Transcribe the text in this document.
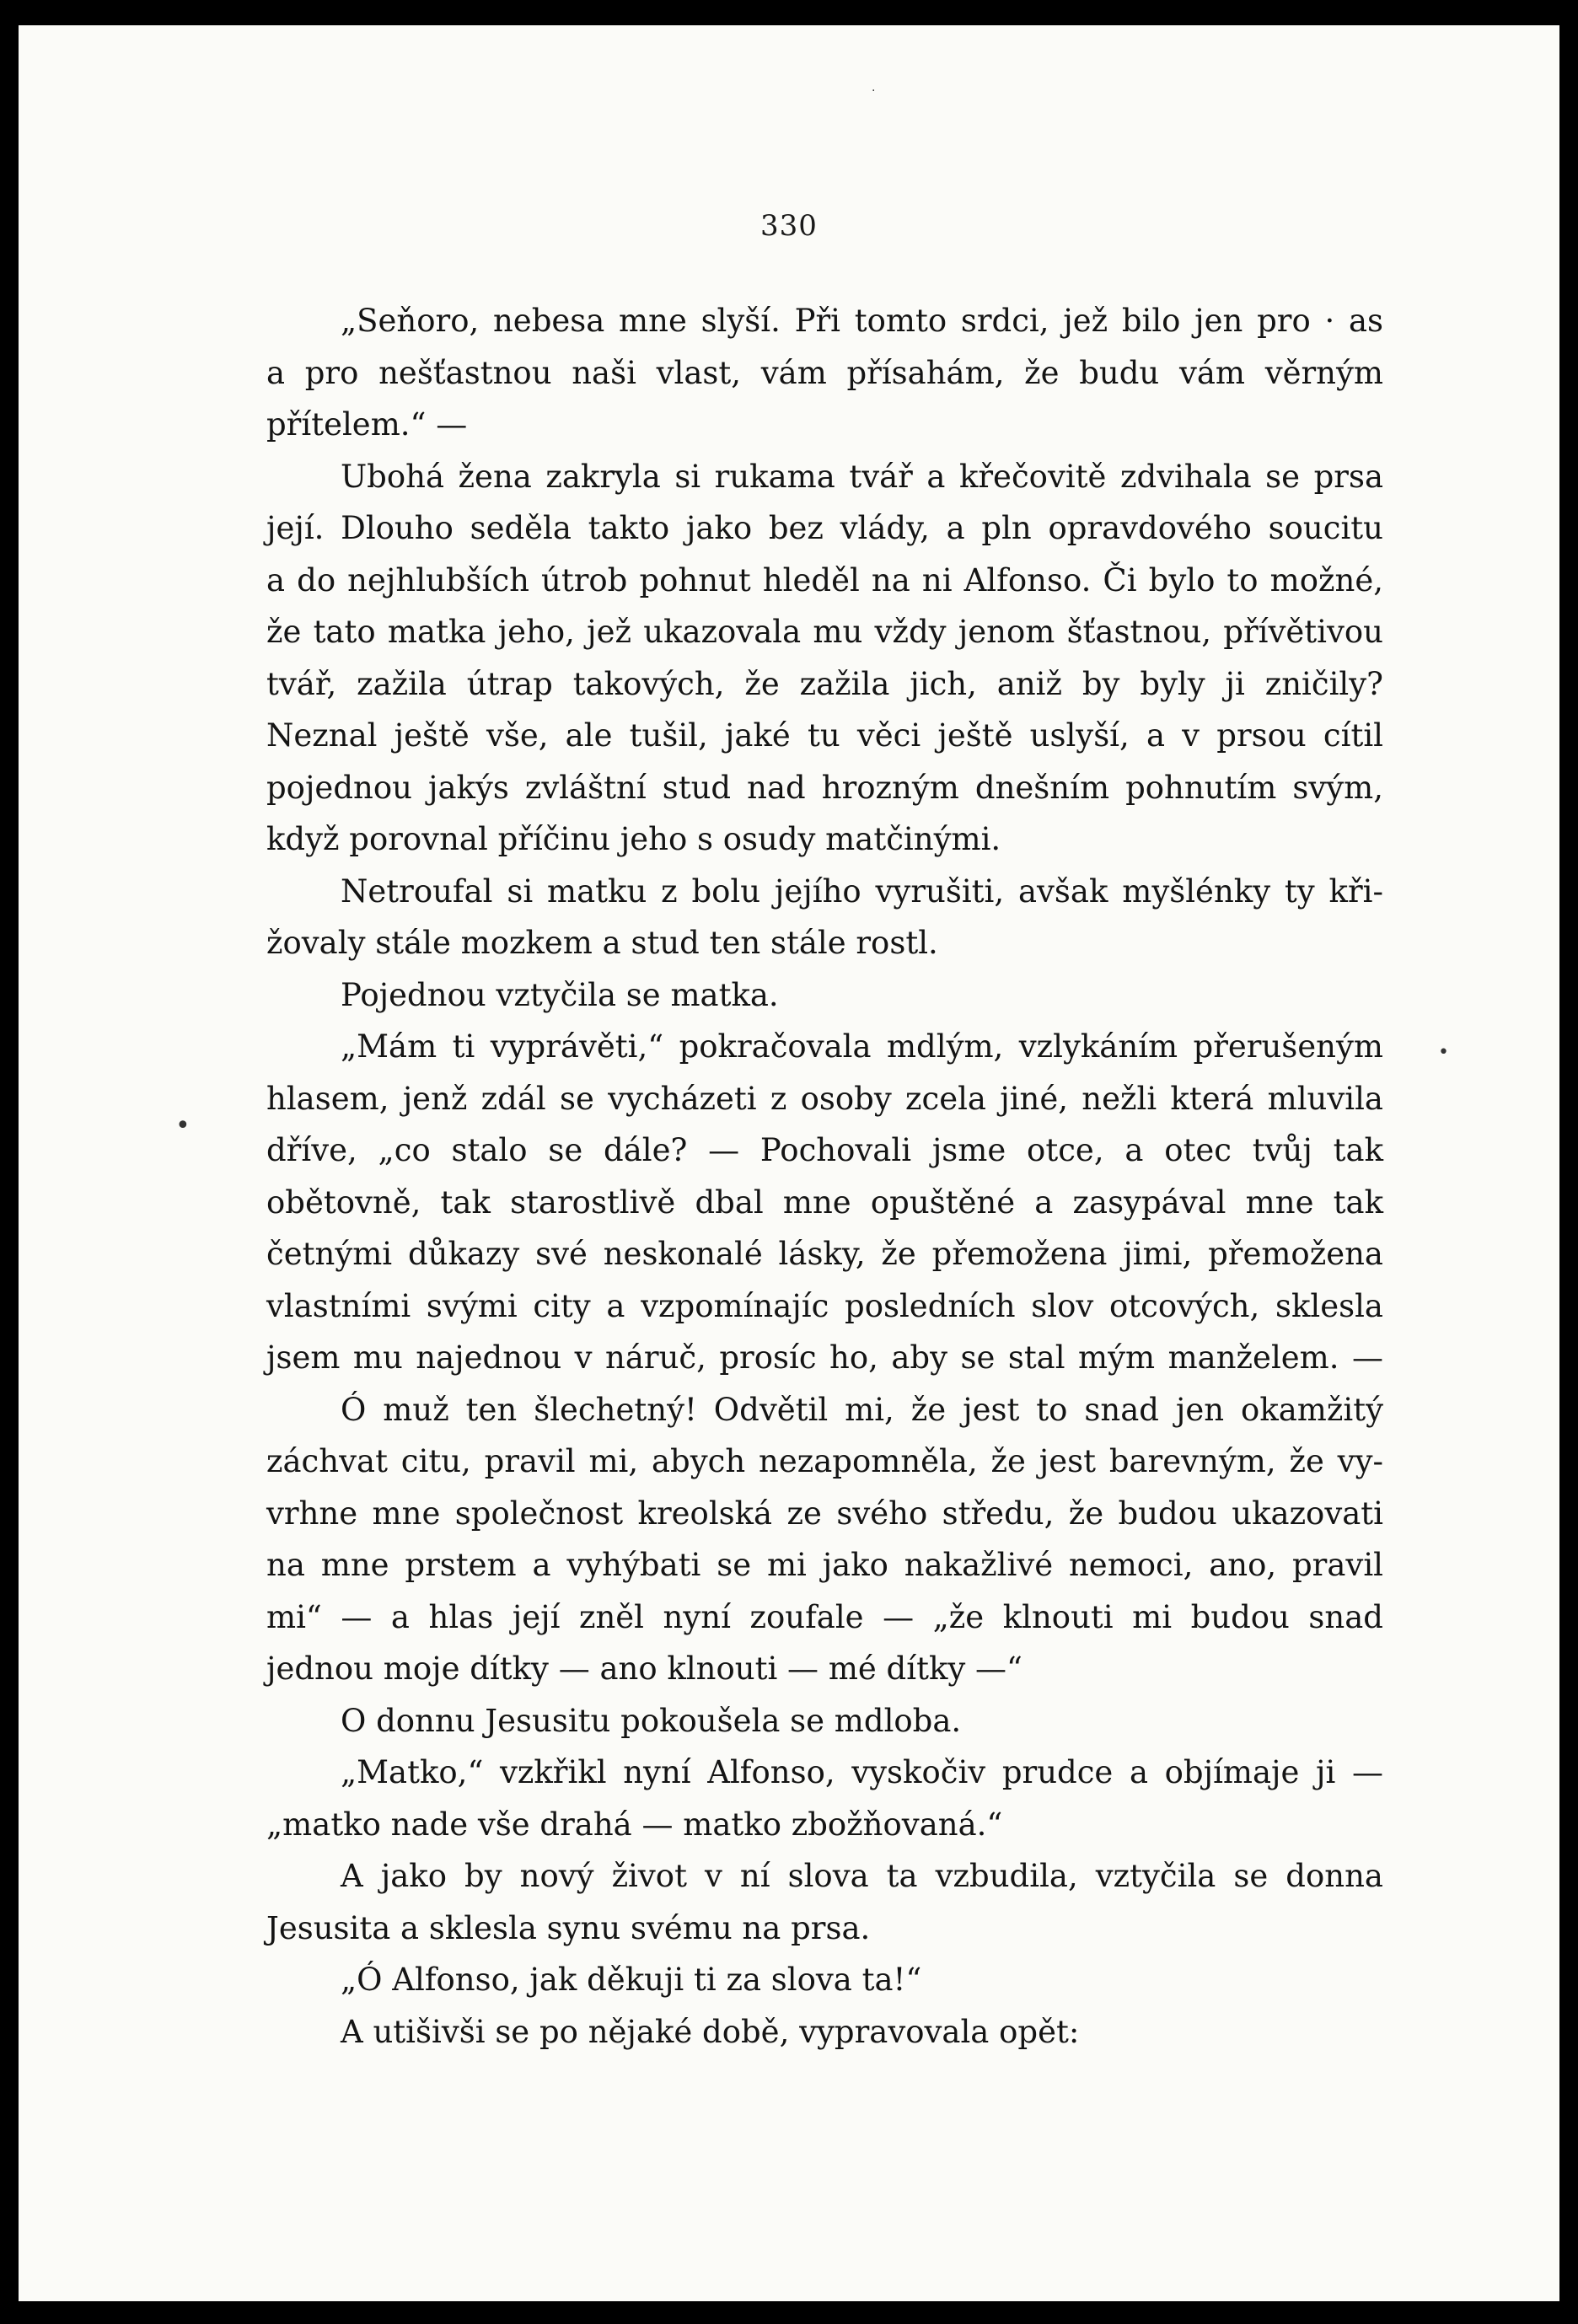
·
•
•
330
„Seňoro, nebesa mne slyší. Při tomto srdci, jež bilo jen pro · as
a pro nešťastnou naši vlast, vám přísahám, že budu vám věrným
přítelem.“ —
Ubohá žena zakryla si rukama tvář a křečovitě zdvihala se prsa
její. Dlouho seděla takto jako bez vlády, a pln opravdového soucitu
a do nejhlubších útrob pohnut hleděl na ni Alfonso. Či bylo to možné,
že tato matka jeho, jež ukazovala mu vždy jenom šťastnou, přívětivou
tvář, zažila útrap takových, že zažila jich, aniž by byly ji zničily?
Neznal ještě vše, ale tušil, jaké tu věci ještě uslyší, a v prsou cítil
pojednou jakýs zvláštní stud nad hrozným dnešním pohnutím svým,
když porovnal příčinu jeho s osudy matčinými.
Netroufal si matku z bolu jejího vyrušiti, avšak myšlénky ty kři-
žovaly stále mozkem a stud ten stále rostl.
Pojednou vztyčila se matka.
„Mám ti vyprávěti,“ pokračovala mdlým, vzlykáním přerušeným
hlasem, jenž zdál se vycházeti z osoby zcela jiné, nežli která mluvila
dříve, „co stalo se dále? — Pochovali jsme otce, a otec tvůj tak
obětovně, tak starostlivě dbal mne opuštěné a zasypával mne tak
četnými důkazy své neskonalé lásky, že přemožena jimi, přemožena
vlastními svými city a vzpomínajíc posledních slov otcových, sklesla
jsem mu najednou v náruč, prosíc ho, aby se stal mým manželem. —
Ó muž ten šlechetný! Odvětil mi, že jest to snad jen okamžitý
záchvat citu, pravil mi, abych nezapomněla, že jest barevným, že vy-
vrhne mne společnost kreolská ze svého středu, že budou ukazovati
na mne prstem a vyhýbati se mi jako nakažlivé nemoci, ano, pravil
mi“ — a hlas její zněl nyní zoufale — „že klnouti mi budou snad
jednou moje dítky — ano klnouti — mé dítky —“
O donnu Jesusitu pokoušela se mdloba.
„Matko,“ vzkřikl nyní Alfonso, vyskočiv prudce a objímaje ji —
„matko nade vše drahá — matko zbožňovaná.“
A jako by nový život v ní slova ta vzbudila, vztyčila se donna
Jesusita a sklesla synu svému na prsa.
„Ó Alfonso, jak děkuji ti za slova ta!“
A utišivši se po nějaké době, vypravovala opět:
